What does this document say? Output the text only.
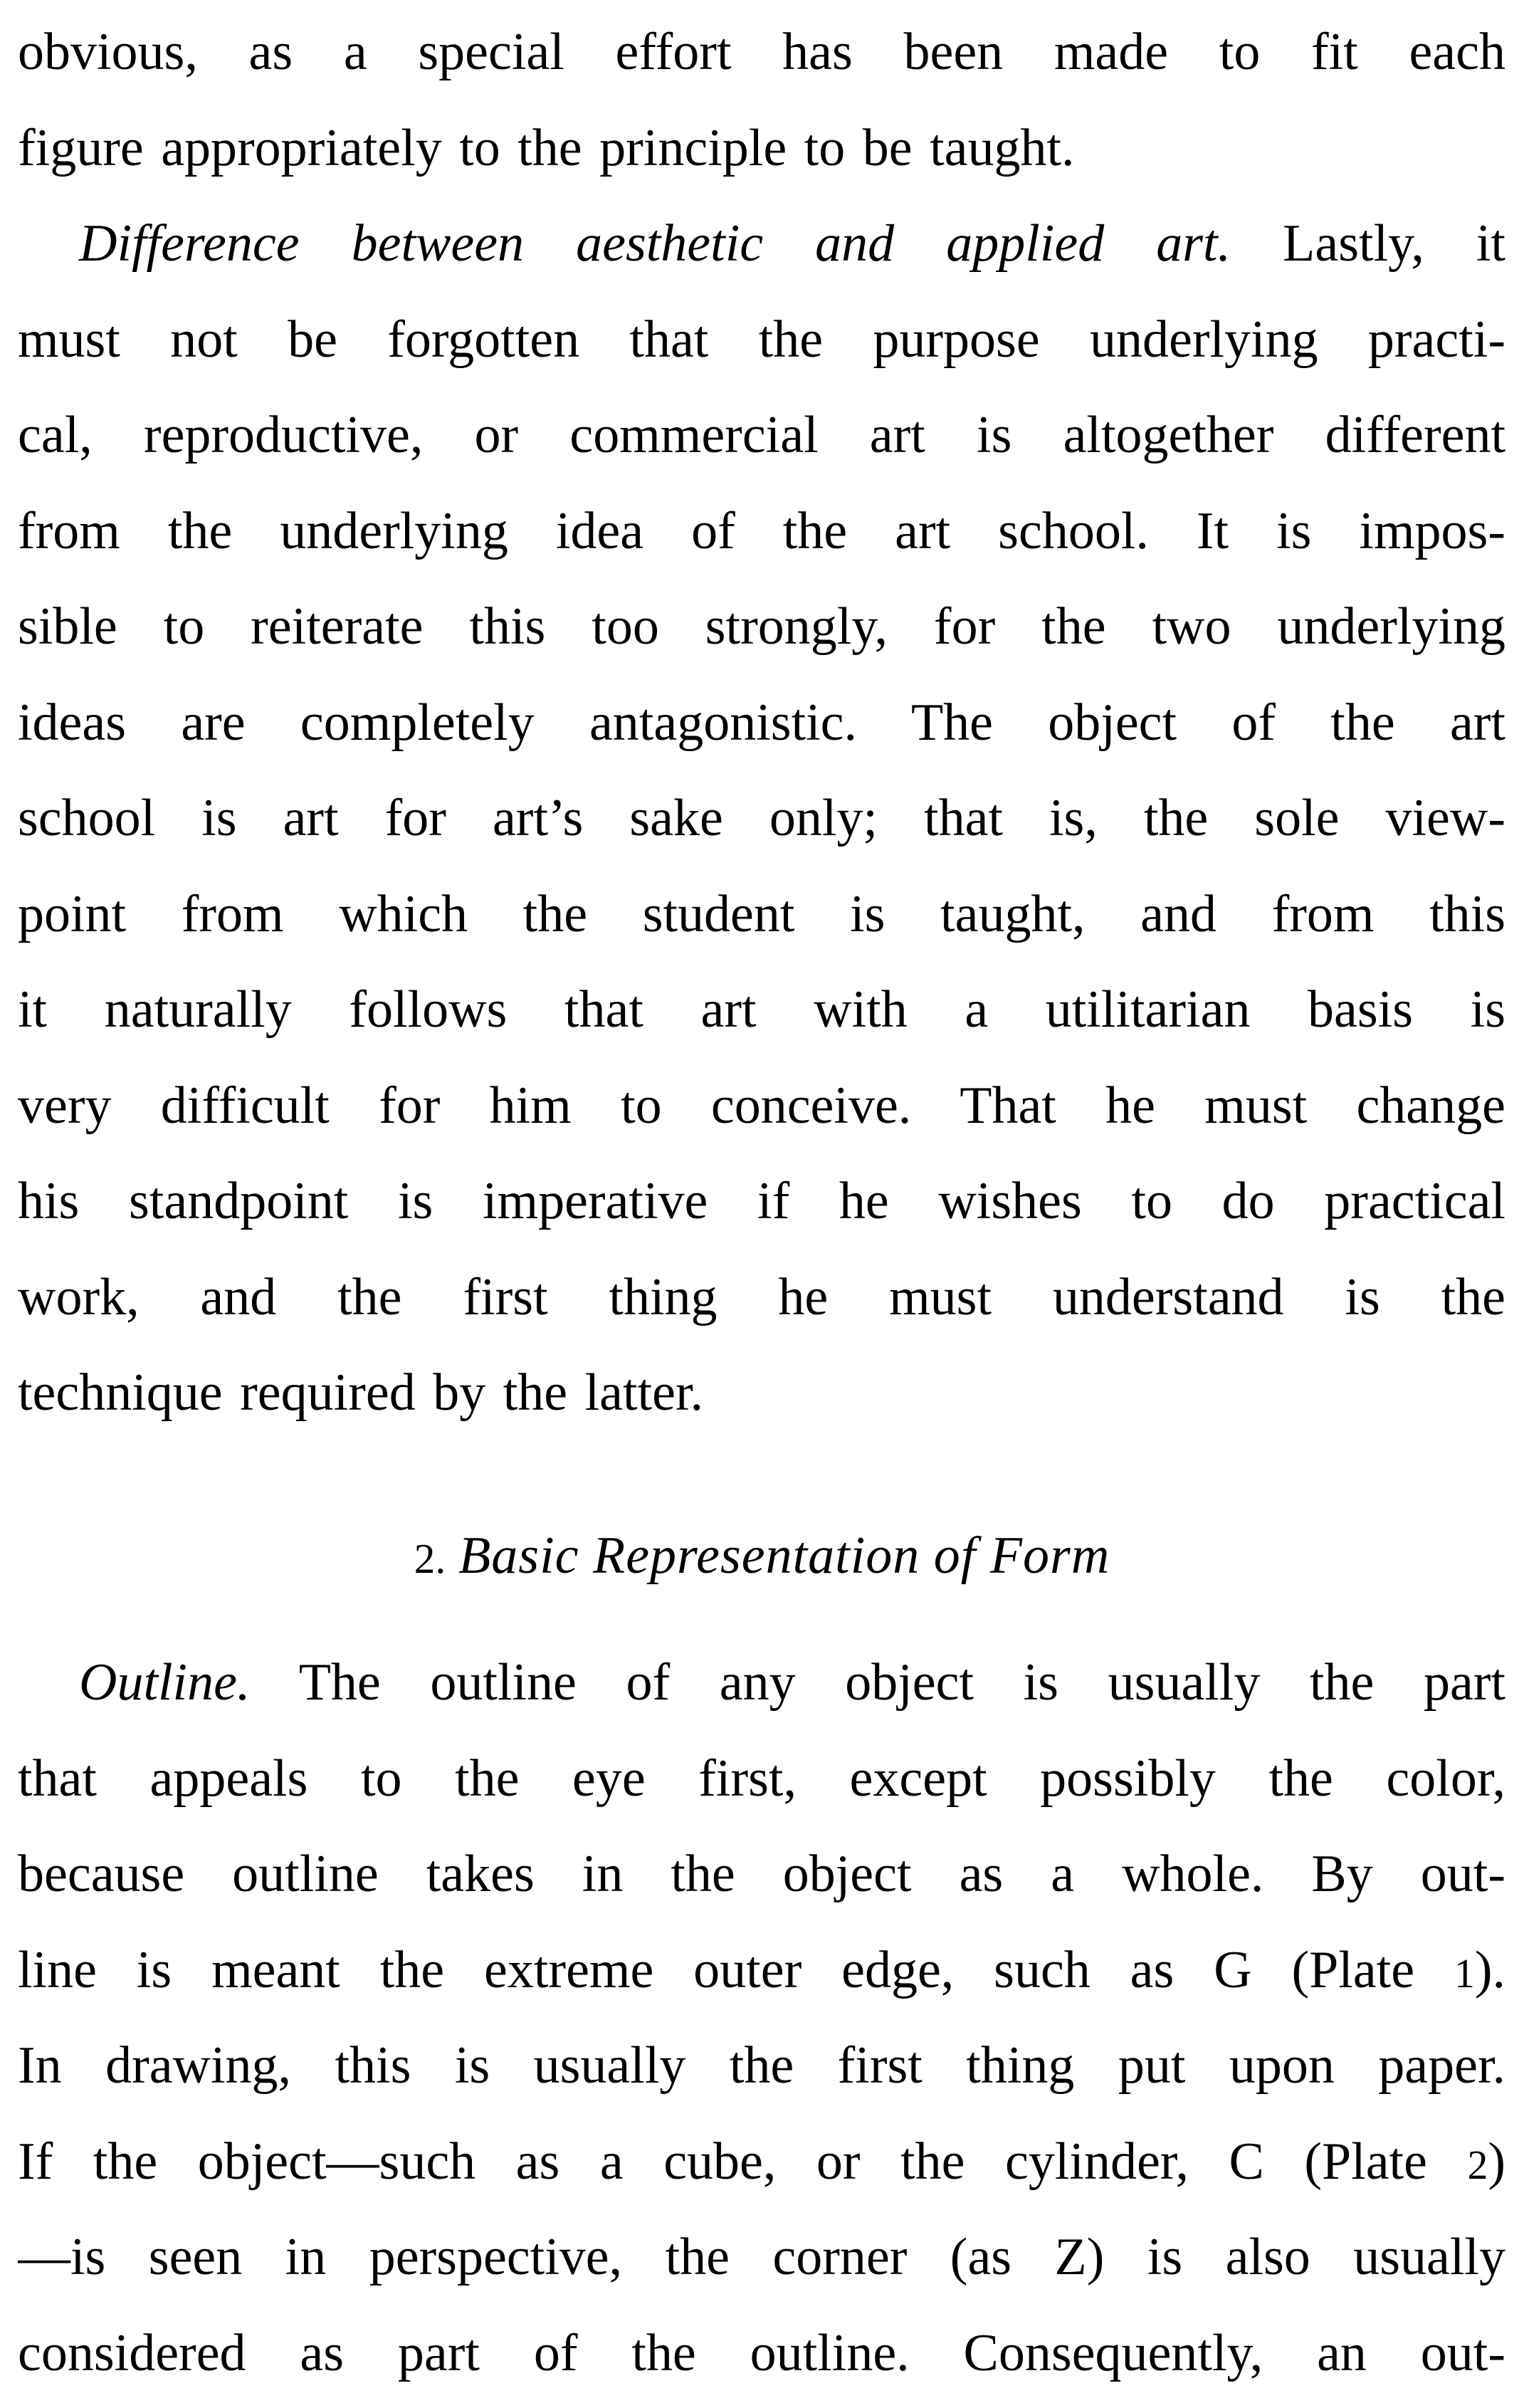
obvious, as a special effort has been made to fit each
figure appropriately to the principle to be taught.
Difference between aesthetic and applied art. Lastly, it
must not be forgotten that the purpose underlying practi-
cal, reproductive, or commercial art is altogether different
from the underlying idea of the art school. It is impos-
sible to reiterate this too strongly, for the two underlying
ideas are completely antagonistic. The object of the art
school is art for art’s sake only; that is, the sole view-
point from which the student is taught, and from this
it naturally follows that art with a utilitarian basis is
very difficult for him to conceive. That he must change
his standpoint is imperative if he wishes to do practical
work, and the first thing he must understand is the
technique required by the latter.
2. Basic Representation of Form
Outline. The outline of any object is usually the part
that appeals to the eye first, except possibly the color,
because outline takes in the object as a whole. By out-
line is meant the extreme outer edge, such as G (Plate 1).
In drawing, this is usually the first thing put upon paper.
If the object—such as a cube, or the cylinder, C (Plate 2)
—is seen in perspective, the corner (as Z) is also usually
considered as part of the outline. Consequently, an out-
